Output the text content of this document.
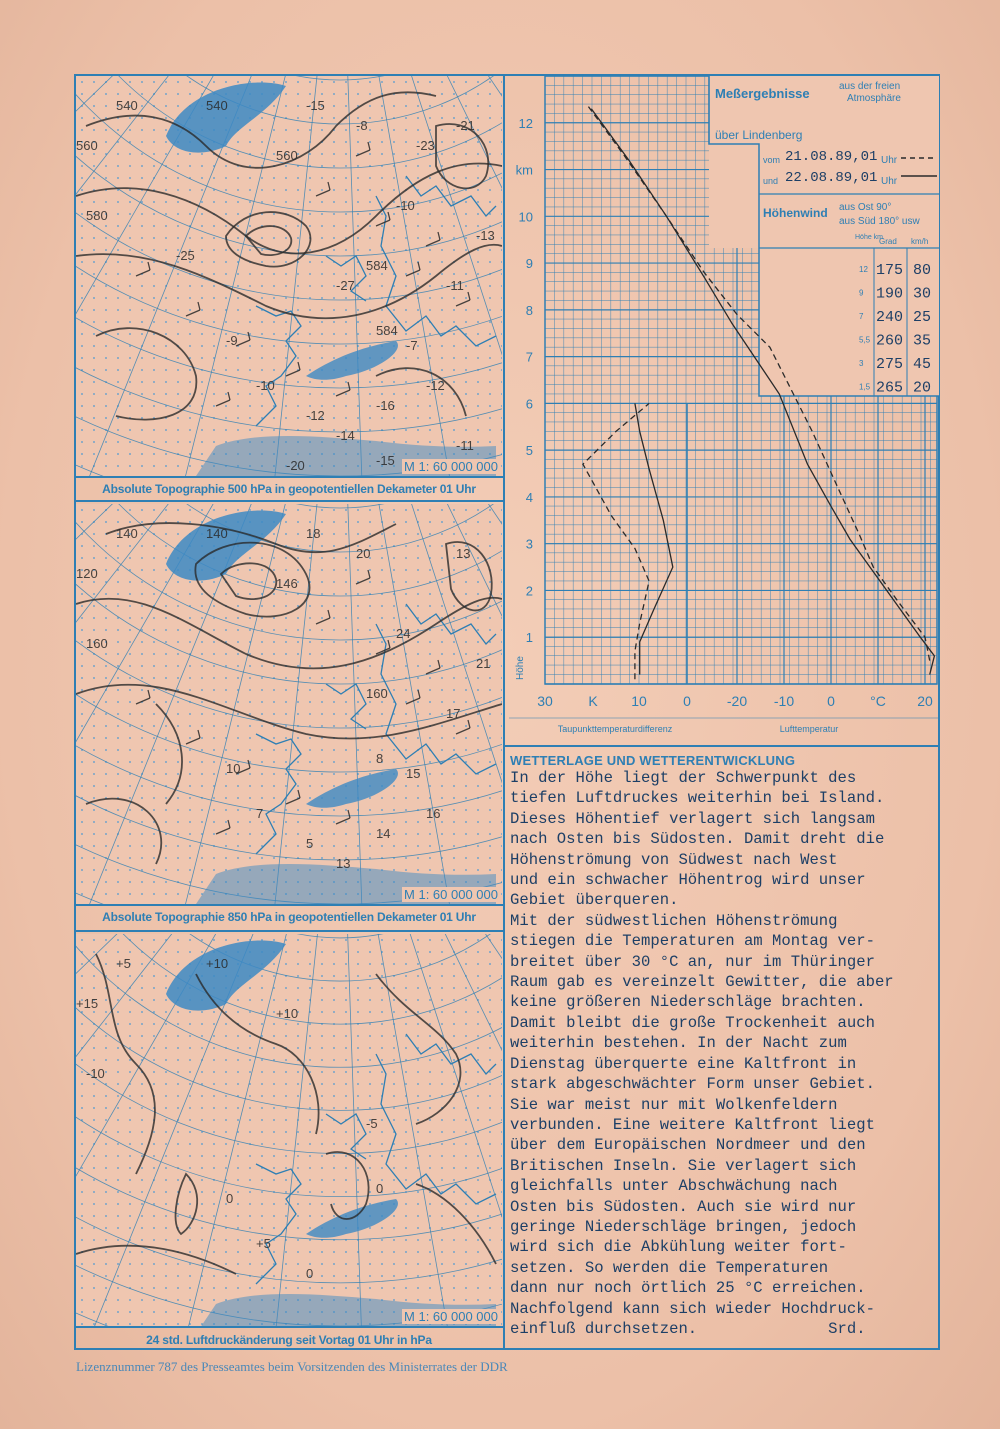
540	540
560
560
580
584
584
-9
-10
-12
-14
-16
-7
-12
-11
-13
-10
-8
-15
-21
-23
-25
-27
-20	-15
-11
M 1: 60 000 000
Absolute Topographie 500 hPa in geopotentiellen Dekameter 01 Uhr
140	140
120
146
160
160
8
10
7
5
13
14
15
16
17
21
24
20
18
13
M 1: 60 000 000
Absolute Topographie 850 hPa in geopotentiellen Dekameter 01 Uhr
+5	+10
+15
+10
-10
-5
0
0
+5
0
M 1: 60 000 000
24 std. Luftdruckänderung seit Vortag 01 Uhr in hPa
Meßergebnisse	aus der freien
Atmosphäre
über Lindenberg
vom 21.08.89,01 Uhr
und 22.08.89,01 Uhr
Höhenwind aus Ost 90°
aus Süd 180° usw
Höhe km
Grad km/h
12 175 80
9 190 30
7 240 25
5,5 260 35
3 275 45
1,5 265 20
1
2
3
4
5
6
7
8
9
10
km
12
Höhe
30	K 10	0	-20 -10 0	°C 20
Taupunkttemperaturdifferenz	Lufttemperatur
WETTERLAGE UND WETTERENTWICKLUNG
In der Höhe liegt der Schwerpunkt des
tiefen Luftdruckes weiterhin bei Island.
Dieses Höhentief verlagert sich langsam
nach Osten bis Südosten. Damit dreht die
Höhenströmung von Südwest nach West
und ein schwacher Höhentrog wird unser
Gebiet überqueren.
Mit der südwestlichen Höhenströmung
stiegen die Temperaturen am Montag ver-
breitet über 30 °C an, nur im Thüringer
Raum gab es vereinzelt Gewitter, die aber
keine größeren Niederschläge brachten.
Damit bleibt die große Trockenheit auch
weiterhin bestehen. In der Nacht zum
Dienstag überquerte eine Kaltfront in
stark abgeschwächter Form unser Gebiet.
Sie war meist nur mit Wolkenfeldern
verbunden. Eine weitere Kaltfront liegt
über dem Europäischen Nordmeer und den
Britischen Inseln. Sie verlagert sich
gleichfalls unter Abschwächung nach
Osten bis Südosten. Auch sie wird nur
geringe Niederschläge bringen, jedoch
wird sich die Abkühlung weiter fort-
setzen. So werden die Temperaturen
dann nur noch örtlich 25 °C erreichen.
Nachfolgend kann sich wieder Hochdruck-
einfluß durchsetzen.              Srd.
Lizenznummer 787 des Presseamtes beim Vorsitzenden des Ministerrates der DDR
